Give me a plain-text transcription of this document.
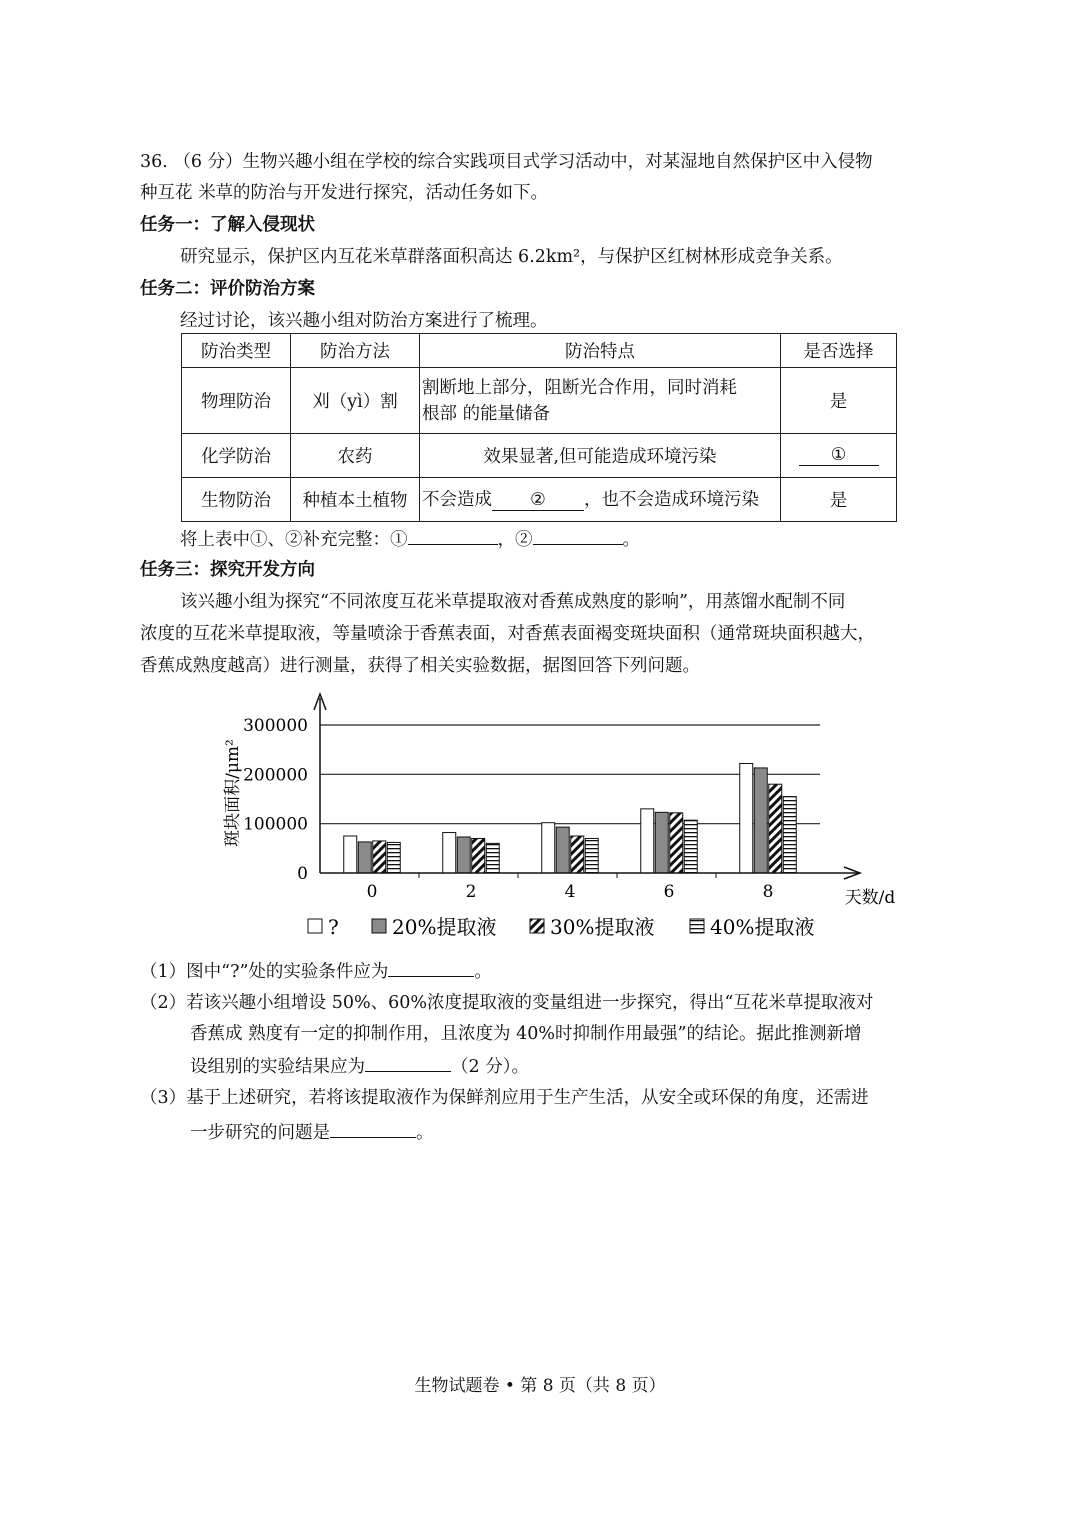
36. （6 分）生物兴趣小组在学校的综合实践项目式学习活动中，对某湿地自然保护区中入侵物
种互花 米草的防治与开发进行探究，活动任务如下。
任务一：了解入侵现状
研究显示，保护区内互花米草群落面积高达 6.2km²，与保护区红树林形成竞争关系。
任务二：评价防治方案
经过讨论，该兴趣小组对防治方案进行了梳理。
防治类型	防治方法	防治特点	是否选择
物理防治	刈（yì）割	割断地上部分，阻断光合作用，同时消耗
根部 的能量储备	是
化学防治	农药	效果显著,但可能造成环境污染	①
生物防治	种植本土植物	不会造成 ② ，也不会造成环境污染	是
将上表中①、②补充完整：①	，②	。
任务三：探究开发方向
该兴趣小组为探究“不同浓度互花米草提取液对香蕉成熟度的影响”，用蒸馏水配制不同
浓度的互花米草提取液，等量喷涂于香蕉表面，对香蕉表面褐变斑块面积（通常斑块面积越大，
香蕉成熟度越高）进行测量，获得了相关实验数据，据图回答下列问题。
0
100000
200000
300000
0	2	4	6	8	天数/d
斑块面积/μm²
?	20%提取液	30%提取液	40%提取液
（1）图中“?”处的实验条件应为	。
（2）若该兴趣小组增设 50%、60%浓度提取液的变量组进一步探究，得出“互花米草提取液对
香蕉成 熟度有一定的抑制作用，且浓度为 40%时抑制作用最强”的结论。据此推测新增
设组别的实验结果应为	（2 分）。
（3）基于上述研究，若将该提取液作为保鲜剂应用于生产生活，从安全或环保的角度，还需进
一步研究的问题是	。
生物试题卷 • 第 8 页（共 8 页）
